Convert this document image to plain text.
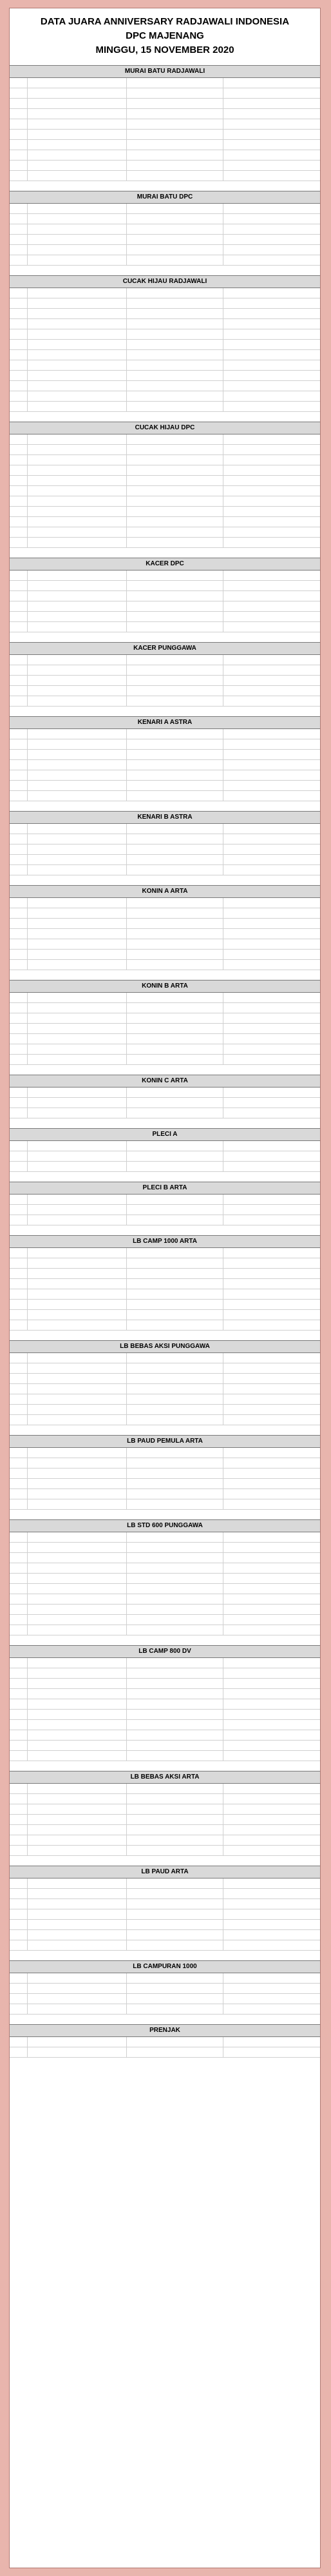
DATA JUARA ANNIVERSARY RADJAWALI INDONESIA
DPC MAJENANG
MINGGU, 15 NOVEMBER 2020
MURAI BATU RADJAWALI
MURAI BATU DPC
CUCAK HIJAU RADJAWALI
CUCAK HIJAU DPC
KACER DPC
KACER PUNGGAWA
KENARI A ASTRA
KENARI B ASTRA
KONIN A ARTA
KONIN B ARTA
KONIN C ARTA
PLECI A
PLECI B ARTA
LB CAMP 1000 ARTA
LB BEBAS AKSI PUNGGAWA
LB PAUD PEMULA ARTA
LB STD 600 PUNGGAWA
LB CAMP 800 DV
LB BEBAS AKSI ARTA
LB PAUD ARTA
LB CAMPURAN 1000
PRENJAK
